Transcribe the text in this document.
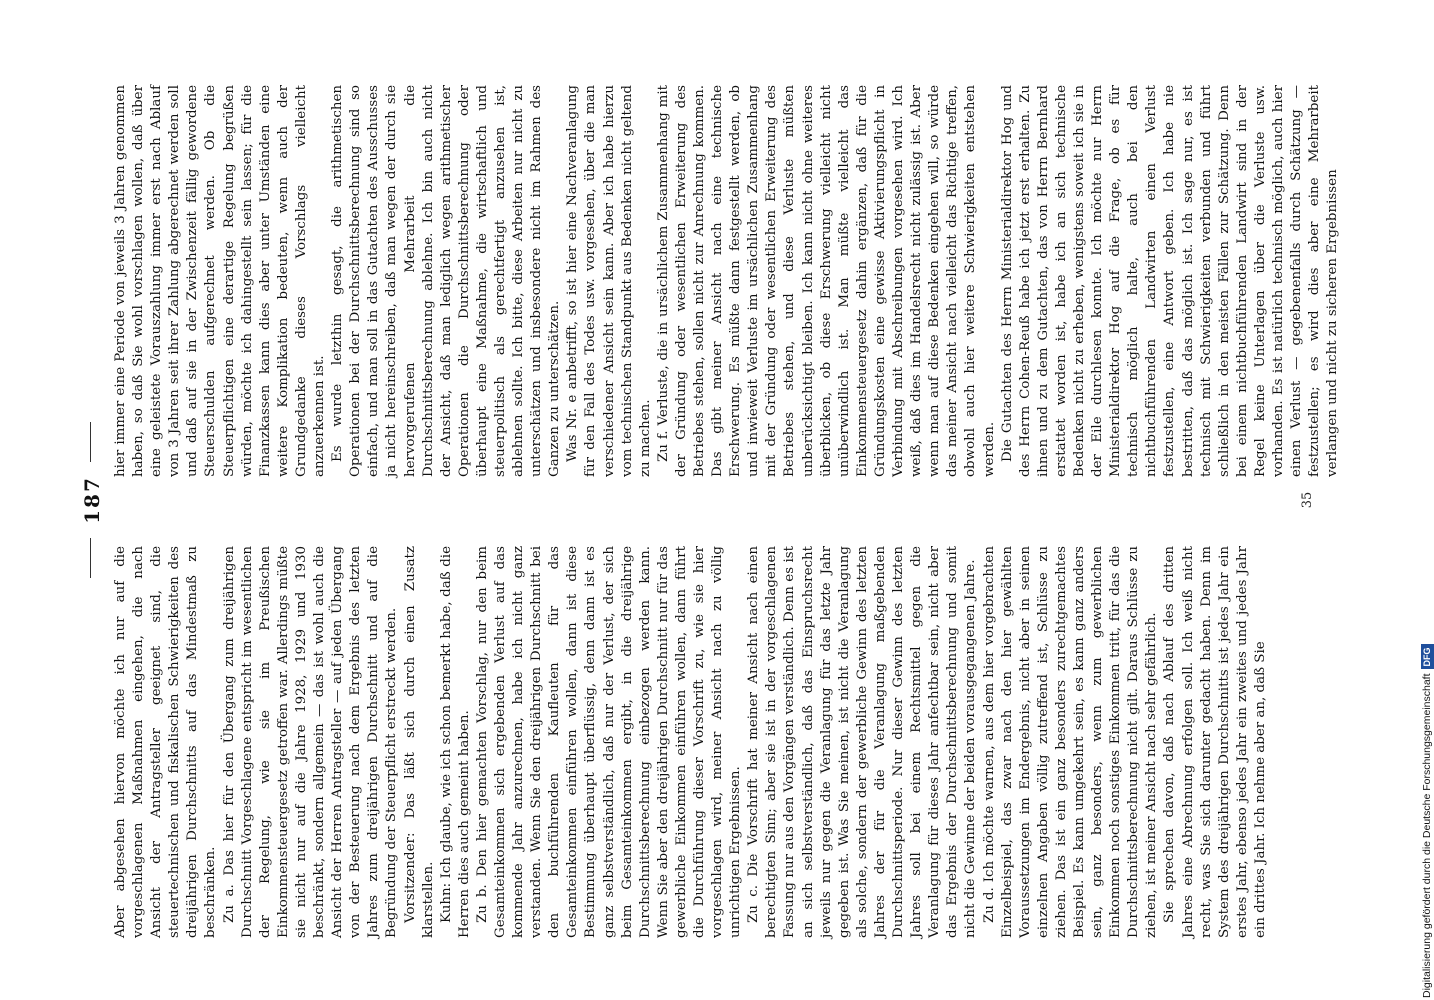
187

Aber abgesehen hiervon möchte ich nur auf die vorgeschlagenen Maßnahmen eingehen, die nach Ansicht der Antragsteller geeignet sind, die steuertechnischen und fiskalischen Schwierigkeiten des dreijährigen Durchschnitts auf das Mindestmaß zu beschränken. Zu a. Das hier für den Übergang zum dreijährigen Durchschnitt Vorgeschlagene entspricht im wesentlichen der Regelung, wie sie im Preußischen Einkommensteuergesetz getroffen war. Allerdings müßte sie nicht nur auf die Jahre 1928, 1929 und 1930 beschränkt, sondern allgemein — das ist wohl auch die Ansicht der Herren Antragsteller — auf jeden Übergang von der Besteuerung nach dem Ergebnis des letzten Jahres zum dreijährigen Durchschnitt und auf die Begründung der Steuerpflicht erstreckt werden. Vorsitzender: Das läßt sich durch einen Zusatz klarstellen. Kuhn: Ich glaube, wie ich schon bemerkt habe, daß die Herren dies auch gemeint haben. Zu b. Den hier gemachten Vorschlag, nur den beim Gesamteinkommen sich ergebenden Verlust auf das kommende Jahr anzurechnen, habe ich nicht ganz verstanden. Wenn Sie den dreijährigen Durchschnitt bei den buchführenden Kaufleuten für das Gesamteinkommen einführen wollen, dann ist diese Bestimmung überhaupt überflüssig, denn dann ist es ganz selbstverständlich, daß nur der Verlust, der sich beim Gesamteinkommen ergibt, in die dreijährige Durchschnittsberechnung einbezogen werden kann. Wenn Sie aber den dreijährigen Durchschnitt nur für das gewerbliche Einkommen einführen wollen, dann führt die Durchführung dieser Vorschrift zu, wie sie hier vorgeschlagen wird, meiner Ansicht nach zu völlig unrichtigen Ergebnissen. Zu c. Die Vorschrift hat meiner Ansicht nach einen berechtigten Sinn; aber sie ist in der vorgeschlagenen Fassung nur aus den Vorgängen verständlich. Denn es ist an sich selbstverständlich, daß das Einspruchsrecht jeweils nur gegen die Veranlagung für das letzte Jahr gegeben ist. Was Sie meinen, ist nicht die Veranlagung als solche, sondern der gewerbliche Gewinn des letzten Jahres der für die Veranlagung maßgebenden Durchschnittsperiode. Nur dieser Gewinn des letzten Jahres soll bei einem Rechtsmittel gegen die Veranlagung für dieses Jahr anfechtbar sein, nicht aber das Ergebnis der Durchschnittsberechnung und somit nicht die Gewinne der beiden vorausgegangenen Jahre. Zu d. Ich möchte warnen, aus dem hier vorgebrachten Einzelbeispiel, das zwar nach den hier gewählten Voraussetzungen im Endergebnis, nicht aber in seinen einzelnen Angaben völlig zutreffend ist, Schlüsse zu ziehen. Das ist ein ganz besonders zurechtgemachtes Beispiel. Es kann umgekehrt sein, es kann ganz anders sein, ganz besonders, wenn zum gewerblichen Einkommen noch sonstiges Einkommen tritt, für das die Durchschnittsberechnung nicht gilt. Daraus Schlüsse zu ziehen, ist meiner Ansicht nach sehr gefährlich. Sie sprechen davon, daß nach Ablauf des dritten Jahres eine Abrechnung erfolgen soll. Ich weiß nicht recht, was Sie sich darunter gedacht haben. Denn im System des dreijährigen Durchschnitts ist jedes Jahr ein erstes Jahr, ebenso jedes Jahr ein zweites und jedes Jahr ein drittes Jahr. Ich nehme aber an, daß Sie

hier immer eine Periode von jeweils 3 Jahren genommen haben, so daß Sie wohl vorschlagen wollen, daß über eine geleistete Vorauszahlung immer erst nach Ablauf von 3 Jahren seit ihrer Zahlung abgerechnet werden soll und daß auf sie in der Zwischenzeit fällig gewordene Steuerschulden aufgerechnet werden. Ob die Steuerpflichtigen eine derartige Regelung begrüßen würden, möchte ich dahingestellt sein lassen; für die Finanzkassen kann dies aber unter Umständen eine weitere Komplikation bedeuten, wenn auch der Grundgedanke dieses Vorschlags vielleicht anzuerkennen ist. Es wurde letzthin gesagt, die arithmetischen Operationen bei der Durchschnittsberechnung sind so einfach, und man soll in das Gutachten des Ausschusses ja nicht hereinschreiben, daß man wegen der durch sie hervorgerufenen Mehrarbeit die Durchschnittsberechnung ablehne. Ich bin auch nicht der Ansicht, daß man lediglich wegen arithmetischer Operationen die Durchschnittsberechnung oder überhaupt eine Maßnahme, die wirtschaftlich und steuerpolitisch als gerechtfertigt anzusehen ist, ablehnen sollte. Ich bitte, diese Arbeiten nur nicht zu unterschätzen und insbesondere nicht im Rahmen des Ganzen zu unterschätzen. Was Nr. e anbetrifft, so ist hier eine Nachveranlagung für den Fall des Todes usw. vorgesehen, über die man verschiedener Ansicht sein kann. Aber ich habe hierzu vom technischen Standpunkt aus Bedenken nicht geltend zu machen. Zu f. Verluste, die in ursächlichem Zusammenhang mit der Gründung oder wesentlichen Erweiterung des Betriebes stehen, sollen nicht zur Anrechnung kommen. Das gibt meiner Ansicht nach eine technische Erschwerung. Es müßte dann festgestellt werden, ob und inwieweit Verluste im ursächlichen Zusammenhang mit der Gründung oder wesentlichen Erweiterung des Betriebes stehen, und diese Verluste müßten unberücksichtigt bleiben. Ich kann nicht ohne weiteres überblicken, ob diese Erschwerung vielleicht nicht unüberwindlich ist. Man müßte vielleicht das Einkommensteuergesetz dahin ergänzen, daß für die Gründungskosten eine gewisse Aktivierungspflicht in Verbindung mit Abschreibungen vorgesehen wird. Ich weiß, daß dies im Handelsrecht nicht zulässig ist. Aber wenn man auf diese Bedenken eingehen will, so würde das meiner Ansicht nach vielleicht das Richtige treffen, obwohl auch hier weitere Schwierigkeiten entstehen werden. Die Gutachten des Herrn Ministerialdirektor Hog und des Herrn Cohen-Reuß habe ich jetzt erst erhalten. Zu ihnen und zu dem Gutachten, das von Herrn Bernhard erstattet worden ist, habe ich an sich technische Bedenken nicht zu erheben, wenigstens soweit ich sie in der Eile durchlesen konnte. Ich möchte nur Herrn Ministerialdirektor Hog auf die Frage, ob es für technisch möglich halte, auch bei den nichtbuchführenden Landwirten einen Verlust festzustellen, eine Antwort geben. Ich habe nie bestritten, daß das möglich ist. Ich sage nur, es ist technisch mit Schwierigkeiten verbunden und führt schließlich in den meisten Fällen zur Schätzung. Denn bei einem nichtbuchführenden Landwirt sind in der Regel keine Unterlagen über die Verluste usw. vorhanden. Es ist natürlich technisch möglich, auch hier einen Verlust — gegebenenfalls durch Schätzung — festzustellen; es wird dies aber eine Mehrarbeit verlangen und nicht zu sicheren Ergebnissen

35
Digitalisierung gefördert durch die Deutsche ForschungsgemeinschaftDFG
